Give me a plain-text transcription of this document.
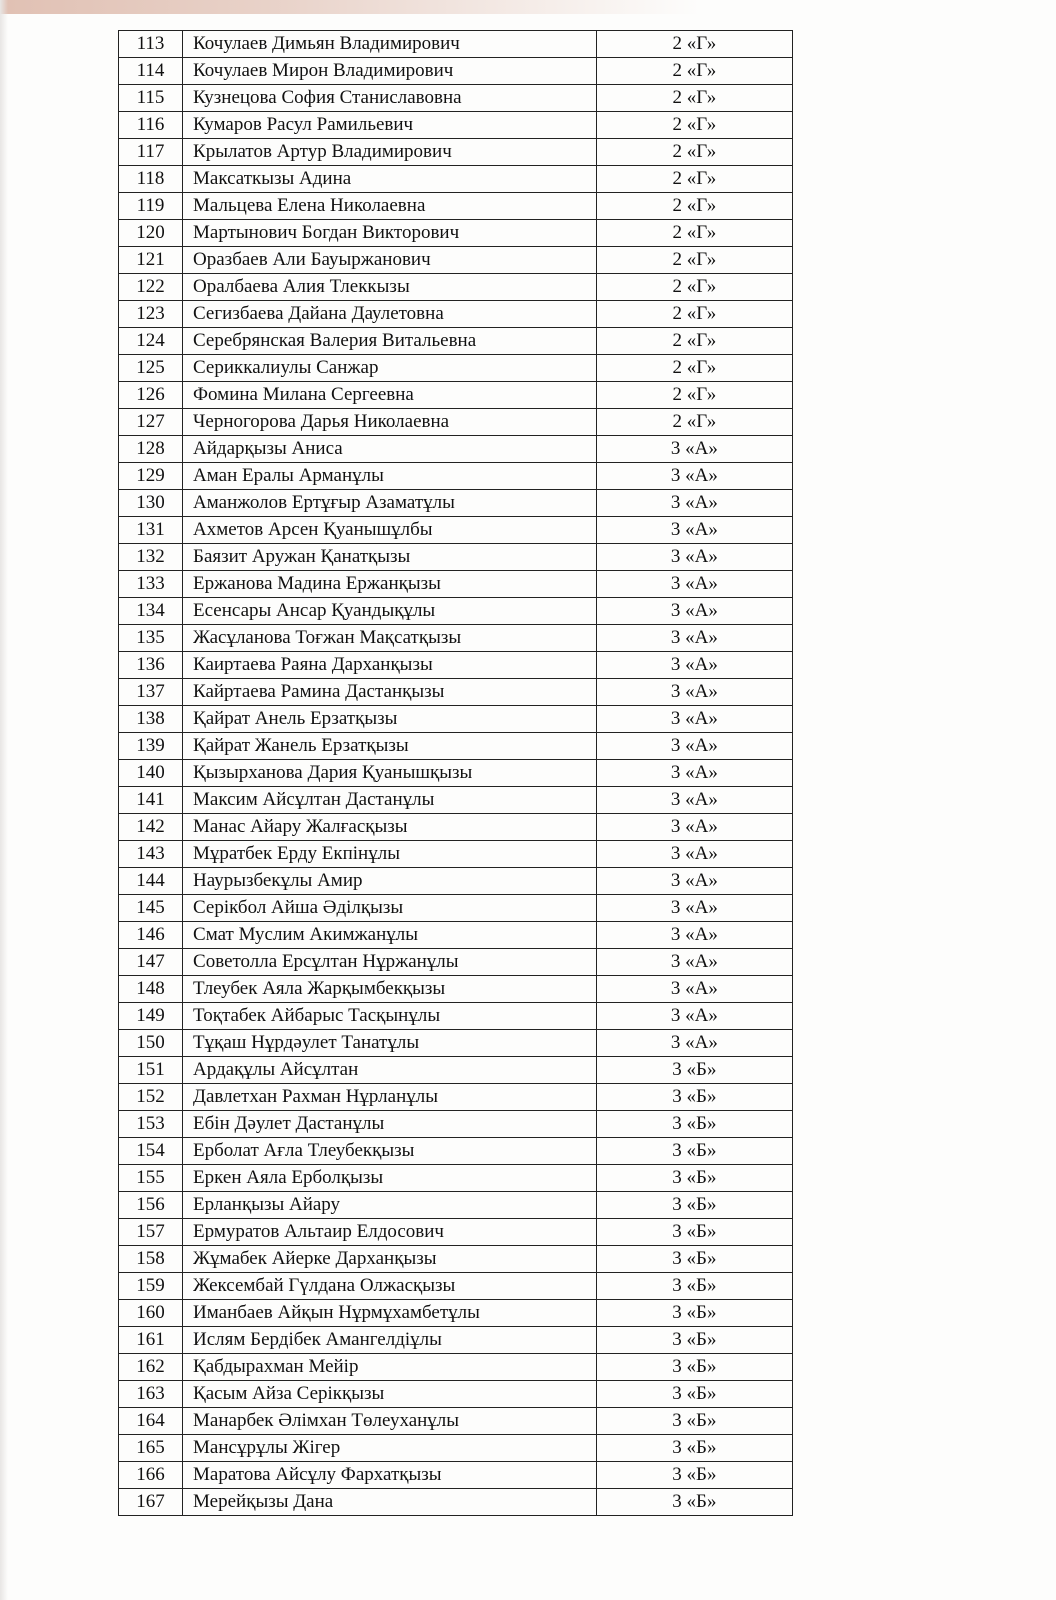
113	Кочулаев Димьян Владимирович	2 «Г»
114	Кочулаев Мирон Владимирович	2 «Г»
115	Кузнецова София Станиславовна	2 «Г»
116	Кумаров Расул Рамильевич	2 «Г»
117	Крылатов Артур Владимирович	2 «Г»
118	Максаткызы Адина	2 «Г»
119	Мальцева Елена Николаевна	2 «Г»
120	Мартынович Богдан Викторович	2 «Г»
121	Оразбаев Али Бауыржанович	2 «Г»
122	Оралбаева Алия Тлеккызы	2 «Г»
123	Сегизбаева Дайана Даулетовна	2 «Г»
124	Серебрянская Валерия Витальевна	2 «Г»
125	Сериккалиулы Санжар	2 «Г»
126	Фомина Милана Сергеевна	2 «Г»
127	Черногорова Дарья Николаевна	2 «Г»
128	Айдарқызы Аниса	3 «А»
129	Аман Ералы Арманұлы	3 «А»
130	Аманжолов Ертұғыр Азаматұлы	3 «А»
131	Ахметов Арсен Қуанышұлбы	3 «А»
132	Баязит Аружан Қанатқызы	3 «А»
133	Ержанова Мадина Ержанқызы	3 «А»
134	Есенсары Ансар Қуандықұлы	3 «А»
135	Жасұланова Тоғжан Мақсатқызы	3 «А»
136	Каиртаева Раяна Дарханқызы	3 «А»
137	Кайртаева Рамина Дастанқызы	3 «А»
138	Қайрат Анель Ерзатқызы	3 «А»
139	Қайрат Жанель Ерзатқызы	3 «А»
140	Қызырханова Дария Қуанышқызы	3 «А»
141	Максим Айсұлтан Дастанұлы	3 «А»
142	Манас Айару Жалғасқызы	3 «А»
143	Мұратбек Ерду Екпінұлы	3 «А»
144	Наурызбекұлы Амир	3 «А»
145	Серікбол Айша Әділқызы	3 «А»
146	Смат Муслим Акимжанұлы	3 «А»
147	Советолла Ерсұлтан Нұржанұлы	3 «А»
148	Тлеубек Аяла Жарқымбекқызы	3 «А»
149	Тоқтабек Айбарыс Тасқынұлы	3 «А»
150	Тұқаш Нұрдәулет Танатұлы	3 «А»
151	Ардақұлы Айсұлтан	3 «Б»
152	Давлетхан Рахман Нұрланұлы	3 «Б»
153	Ебін Дәулет Дастанұлы	3 «Б»
154	Ерболат Ағла Тлеубекқызы	3 «Б»
155	Еркен Аяла Ерболқызы	3 «Б»
156	Ерланқызы Айару	3 «Б»
157	Ермуратов Альтаир Елдосович	3 «Б»
158	Жұмабек Айерке Дарханқызы	3 «Б»
159	Жексембай Гүлдана Олжасқызы	3 «Б»
160	Иманбаев Айқын Нұрмұхамбетұлы	3 «Б»
161	Ислям Бердібек Амангелдіұлы	3 «Б»
162	Қабдырахман Мейір	3 «Б»
163	Қасым Айза Серікқызы	3 «Б»
164	Манарбек Әлімхан Төлеуханұлы	3 «Б»
165	Мансұрұлы Жігер	3 «Б»
166	Маратова Айсұлу Фархатқызы	3 «Б»
167	Мерейқызы Дана	3 «Б»
